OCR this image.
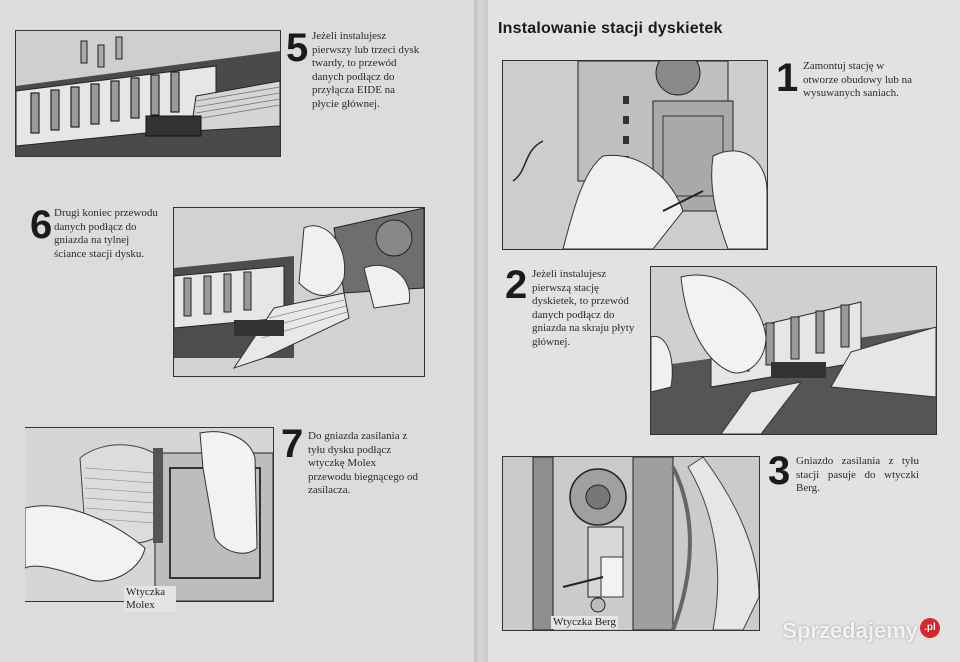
5 Jeżeli instalujesz pierwszy lub trzeci dysk twardy, to przewód danych podłącz do przyłącza EIDE na płycie głównej.
6 Drugi koniec przewodu danych podłącz do gniazda na tylnej ściance stacji dysku.
Wtyczka Molex
7 Do gniazda zasilania z tyłu dysku podłącz wtyczkę Molex przewodu biegnącego od zasilacza.
Instalowanie stacji dyskietek
1 Zamontuj stację w otworze obudowy lub na wysuwanych saniach.
2 Jeżeli instalujesz pierwszą stację dyskietek, to przewód danych podłącz do gniazda na skraju płyty głównej.
Wtyczka Berg
3 Gniazdo zasilania z tyłu stacji pasuje do wtyczki Berg.
Sprzedajemy .pl
